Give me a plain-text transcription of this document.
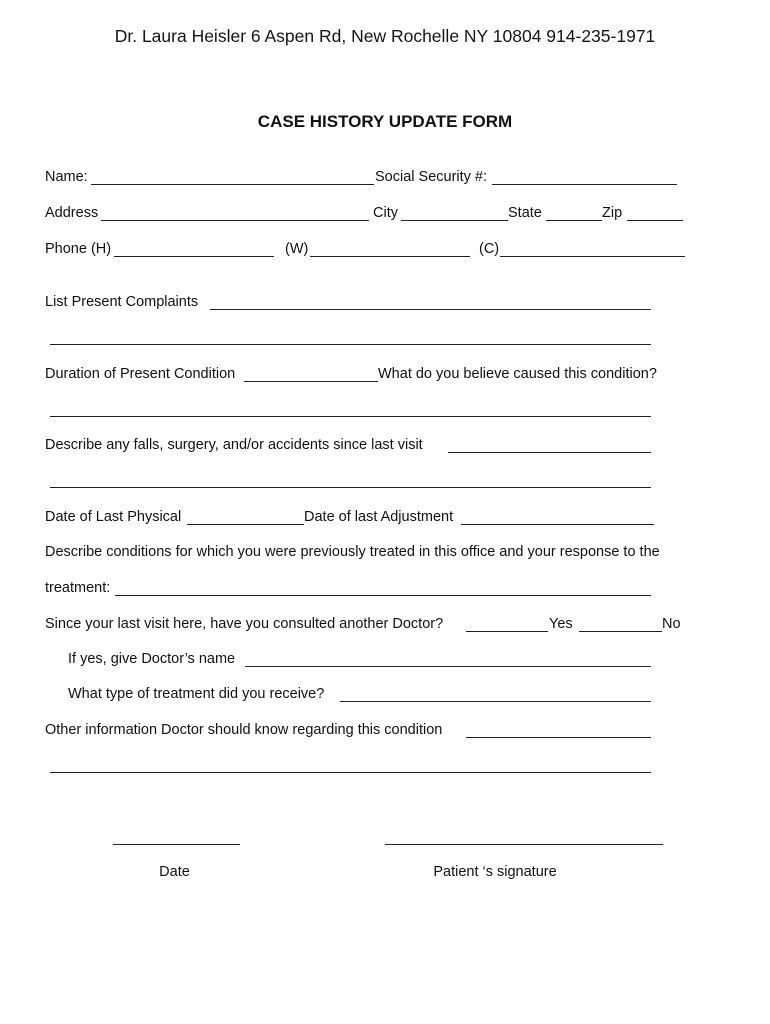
Dr. Laura Heisler 6 Aspen Rd, New Rochelle NY 10804 914-235-1971
CASE HISTORY UPDATE FORM
Name:	Social Security #:
Address	City	State	Zip
Phone (H)	(W)	(C)
List Present Complaints
Duration of Present Condition	What do you believe caused this condition?
Describe any falls, surgery, and/or accidents since last visit
Date of Last Physical	Date of last Adjustment
Describe conditions for which you were previously treated in this office and your response to the
treatment:
Since your last visit here, have you consulted another Doctor?	Yes	No
If yes, give Doctor’s name
What type of treatment did you receive?
Other information Doctor should know regarding this condition
Date	Patient ‘s signature
